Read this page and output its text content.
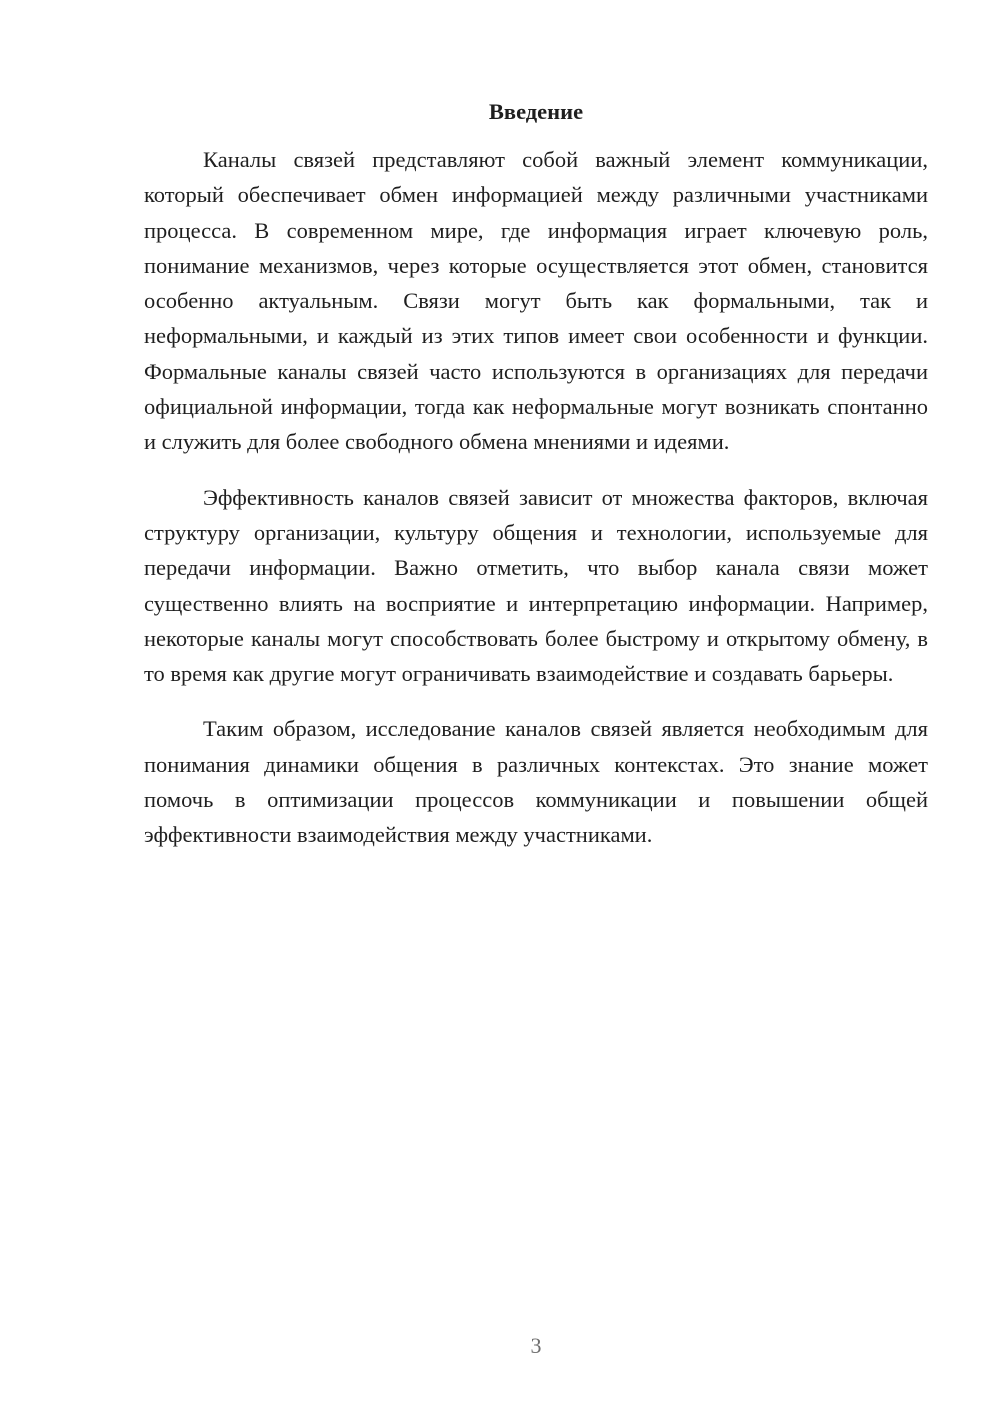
Введение

Каналы связей представляют собой важный элемент коммуникации, который обеспечивает обмен информацией между различными участниками процесса. В современном мире, где информация играет ключевую роль, понимание механизмов, через которые осуществляется этот обмен, становится особенно актуальным. Связи могут быть как формальными, так и неформальными, и каждый из этих типов имеет свои особенности и функции. Формальные каналы связей часто используются в организациях для передачи официальной информации, тогда как неформальные могут возникать спонтанно и служить для более свободного обмена мнениями и идеями.

Эффективность каналов связей зависит от множества факторов, включая структуру организации, культуру общения и технологии, используемые для передачи информации. Важно отметить, что выбор канала связи может существенно влиять на восприятие и интерпретацию информации. Например, некоторые каналы могут способствовать более быстрому и открытому обмену, в то время как другие могут ограничивать взаимодействие и создавать барьеры.

Таким образом, исследование каналов связей является необходимым для понимания динамики общения в различных контекстах. Это знание может помочь в оптимизации процессов коммуникации и повышении общей эффективности взаимодействия между участниками.

3
